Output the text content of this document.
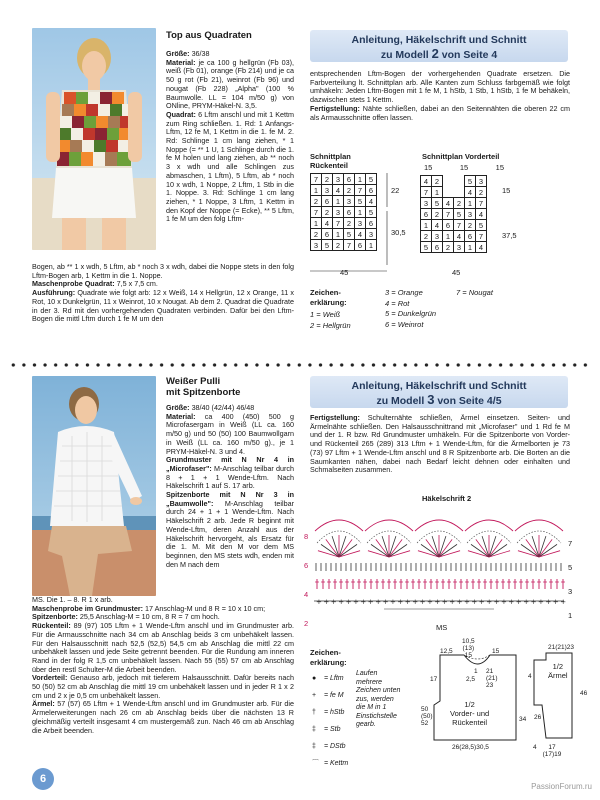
Top aus Quadraten
Größe: 36/38
Material: je ca 100 g hellgrün (Fb 03), weiß (Fb 01), orange (Fb 214) und je ca 50 g rot (Fb 21), weinrot (Fb 96) und nougat (Fb 228) „Alpha" (100 % Baumwolle. LL = 104 m/50 g) von ONline, PRYM-Häkel-N. 3,5.
Quadrat: 6 Lftm anschl und mit 1 Kettm zum Ring schließen. 1. Rd: 1 Anfangs-Lftm, 12 fe M, 1 Kettm in die 1. fe M. 2. Rd: Schlinge 1 cm lang ziehen, * 1 Noppe (= ** 1 U, 1 Schlinge durch die 1. fe M holen und lang ziehen, ab ** noch 3 x wdh und alle Schlingen zus abmaschen, 1 Lftm), 5 Lftm, ab * noch 10 x wdh, 1 Noppe, 2 Lftm, 1 Stb in die 1. Noppe. 3. Rd: Schlinge 1 cm lang ziehen, * 1 Noppe, 3 Lftm, 1 Kettm in den Kopf der Noppe (= Ecke), ** 5 Lftm, 1 fe M um den folg Lftm-
Bogen, ab ** 1 x wdh, 5 Lftm, ab * noch 3 x wdh, dabei die Noppe stets in den folg Lftm-Bogen arb, 1 Kettm in die 1. Noppe.
Maschenprobe Quadrat: 7,5 x 7,5 cm.
Ausführung: Quadrate wie folgt arb: 12 x Weiß, 14 x Hellgrün, 12 x Orange, 11 x Rot, 10 x Dunkelgrün, 11 x Weinrot, 10 x Nougat. Ab dem 2. Quadrat die Quadrate in der 3. Rd mit den vorhergehenden Quadraten verbinden. Dafür bei den Lftm-Bogen die mittl Lftm durch 1 fe M um den
Anleitung, Häkelschrift und Schnitt
zu Modell 2 von Seite 4
entsprechenden Lftm-Bogen der vorhergehenden Quadrate ersetzen. Die Farbverteilung lt. Schnittplan arb. Alle Kanten zum Schluss farbgemäß wie folgt umhäkeln: Jeden Lftm-Bogen mit 1 fe M, 1 hStb, 1 Stb, 1 hStb, 1 fe M behäkeln, dazwischen stets 1 Kettm.
Fertigstellung: Nähte schließen, dabei an den Seitennähten die oberen 22 cm als Armausschnitte offen lassen.
Schnittplan
Rückenteil
7	2	3	6	1	5
1	3	4	2	7	6
2	6	1	3	5	4
7	2	3	6	1	5
1	4	7	2	3	6
2	6	1	5	4	3
3	5	2	7	6	1
22
30,5
45
Schnittplan Vorderteil
15	15	15
4	2			5	3
7	1			4	2
3	5	4	2	1	7
6	2	7	5	3	4
1	4	6	7	2	5
2	3	1	4	6	7
5	6	2	3	1	4
15
37,5
45
Zeichen-
erklärung:
1 = Weiß
2 = Hellgrün
3 = Orange
4 = Rot
5 = Dunkelgrün
6 = Weinrot
7 = Nougat
Weißer Pulli
mit Spitzenborte
Größe: 38/40 (42/44) 46/48
Material: ca 400 (450) 500 g Microfasergarn in Weiß (LL ca. 160 m/50 g) und 50 (50) 100 Baumwollgarn in Weiß (LL ca. 160 m/50 g)., je 1 PRYM-Häkel-N. 3 und 4.
Grundmuster mit N Nr 4 in „Microfaser": M-Anschlag teilbar durch 8 + 1 + 1 Wende-Lftm. Nach Häkelschrift 1 auf S. 17 arb.
Spitzenborte mit N Nr 3 in „Baumwolle": M-Anschlag teilbar durch 24 + 1 + 1 Wende-Lftm. Nach Häkelschrift 2 arb. Jede R beginnt mit Wende-Lftm, deren Anzahl aus der Häkelschrift hervorgeht, als Ersatz für die 1. M. Mit den M vor dem MS beginnen, den MS stets wdh, enden mit den M nach dem
MS. Die 1. – 8. R 1 x arb.
Maschenprobe im Grundmuster: 17 Anschlag-M und 8 R = 10 x 10 cm;
Spitzenborte: 25,5 Anschlag-M = 10 cm, 8 R = 7 cm hoch.
Rückenteil: 89 (97) 105 Lftm + 1 Wende-Lftm anschl und im Grundmuster arb. Für die Armausschnitte nach 34 cm ab Anschlag beids 3 cm unbehäkelt lassen. Für den Halsausschnitt nach 52,5 (52,5) 54,5 cm ab Anschlag die mittl 22 cm unbehäkelt lassen und jede Seite getrennt beenden. Für die Rundung am inneren Rand in der folg R 1,5 cm unbehäkelt lassen. Nach 55 (55) 57 cm ab Anschlag über den restl Schulter-M die Arbeit beenden.
Vorderteil: Genauso arb, jedoch mit tieferem Halsausschnitt. Dafür bereits nach 50 (50) 52 cm ab Anschlag die mittl 19 cm unbehäkelt lassen und in jeder R 1 x 2 cm und 2 x je 0,5 cm unbehäkelt lassen.
Ärmel: 57 (57) 65 Lftm + 1 Wende-Lftm anschl und im Grundmuster arb. Für die Ärmelerweiterungen nach 26 cm ab Anschlag beids über die nächsten 13 R gleichmäßig verteilt insgesamt 4 cm mustergemäß zun. Nach 46 cm ab Anschlag die Arbeit beenden.
Anleitung, Häkelschrift und Schnitt
zu Modell 3 von Seite 4/5
Fertigstellung: Schulternähte schließen, Ärmel einsetzen. Seiten- und Ärmelnähte schließen. Den Halsausschnittrand mit „Microfaser" und 1 Rd fe M und der 1. R bzw. Rd Grundmuster umhäkeln. Für die Spitzenborte von Vorder- und Rückenteil 265 (289) 313 Lftm + 1 Wende-Lftm, für die Ärmelborten je 73 (73) 97 Lftm + 1 Wende-Lftm anschl und 8 R Spitzenborte arb. Die Borten an die Saumkanten nähen, dabei nach Bedarf leicht dehnen oder einhalten und Schmalseiten zusammen.
Häkelschrift 2
8
6
4
2
7
5
3
1
+ + + + + + + + + + + + + + + + + + + + + + + + + + + + + + + + + +
MS
Zeichen-
erklärung:
● = Lftm
+ = fe M
† = hStb
‡ = Stb
‡ = DStb
⌒ = Kettm
Laufen mehrere Zeichen unten zus, werden die M in 1 Einstichstelle gearb.
1/2
Vorder- und
Rückenteil
12,5
10,5
(13)
15
15
21
(21)
23
1
2,5
17
50
(50)
52
34
26(28,5)30,5
21(21)23
1/2
Ärmel
46
4
26
4	17
(17)19
6
PassionForum.ru
